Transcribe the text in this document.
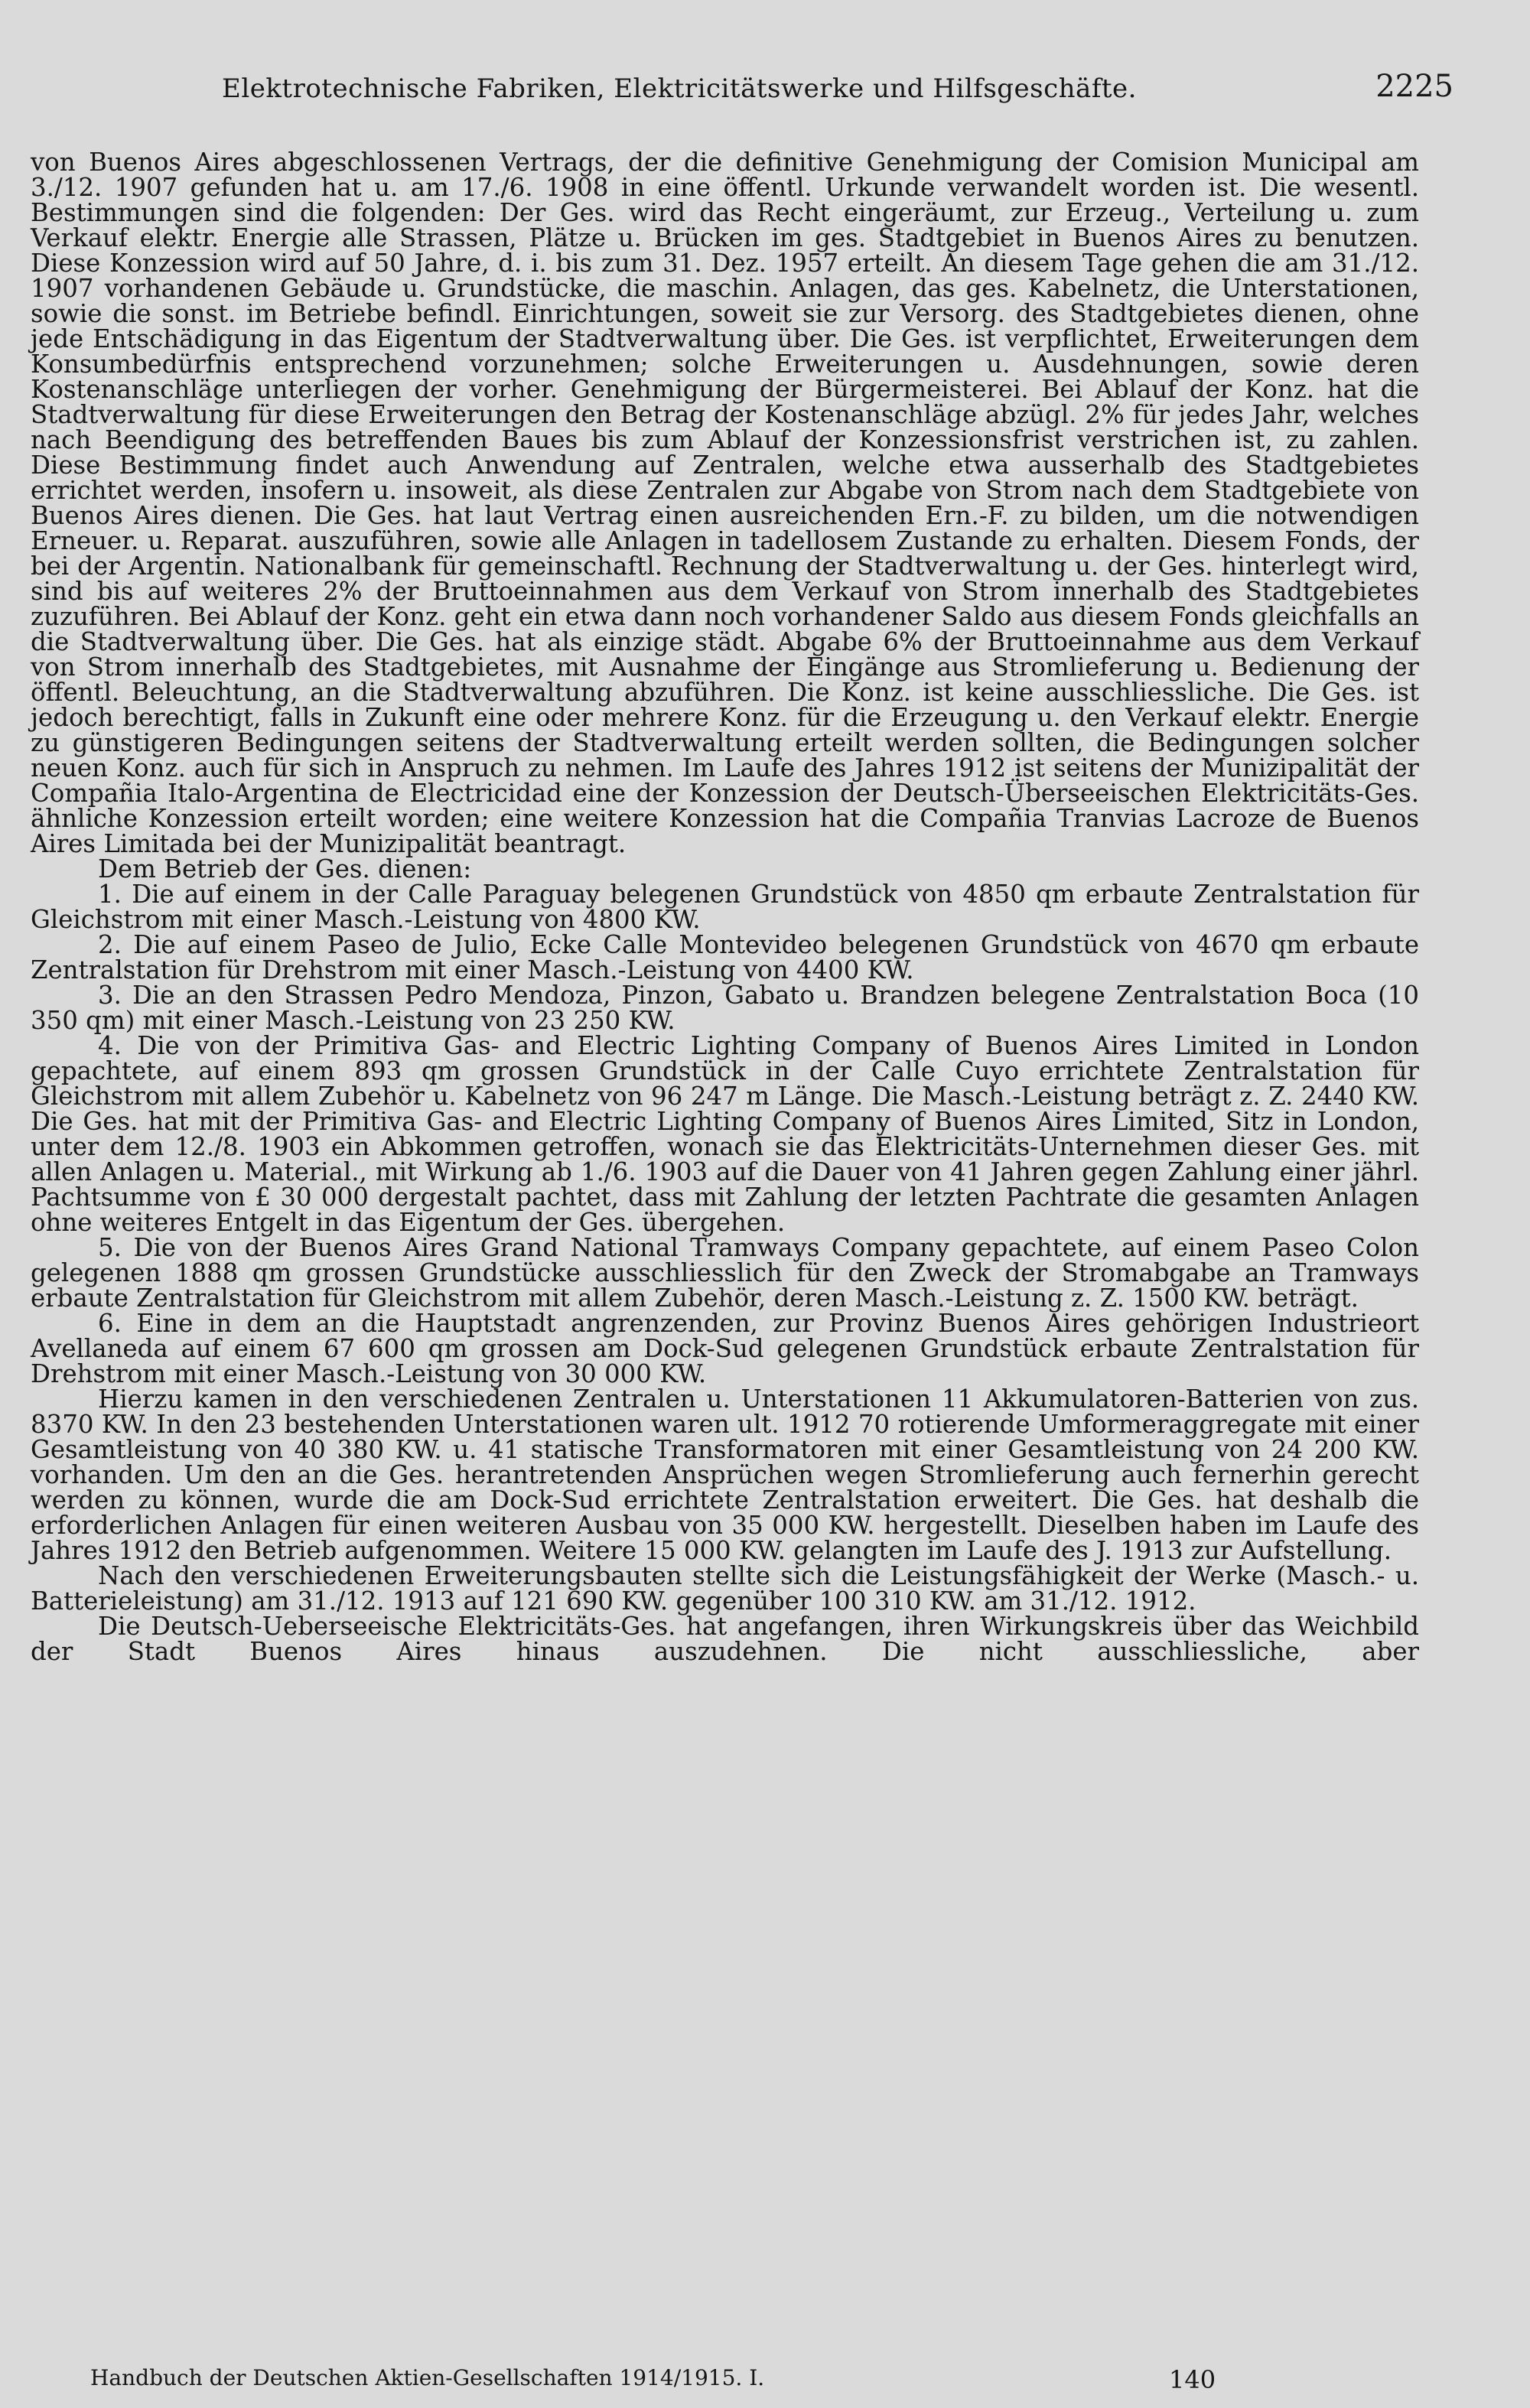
Elektrotechnische Fabriken, Elektricitätswerke und Hilfsgeschäfte.	2225

von Buenos Aires abgeschlossenen Vertrags, der die definitive Genehmigung der Comision Municipal am 3./12. 1907 gefunden hat u. am 17./6. 1908 in eine öffentl. Urkunde verwandelt worden ist. Die wesentl. Bestimmungen sind die folgenden: Der Ges. wird das Recht eingeräumt, zur Erzeug., Verteilung u. zum Verkauf elektr. Energie alle Strassen, Plätze u. Brücken im ges. Stadtgebiet in Buenos Aires zu benutzen. Diese Konzession wird auf 50 Jahre, d. i. bis zum 31. Dez. 1957 erteilt. An diesem Tage gehen die am 31./12. 1907 vorhandenen Gebäude u. Grundstücke, die maschin. Anlagen, das ges. Kabelnetz, die Unterstationen, sowie die sonst. im Betriebe befindl. Einrichtungen, soweit sie zur Versorg. des Stadtgebietes dienen, ohne jede Entschädigung in das Eigentum der Stadtverwaltung über. Die Ges. ist verpflichtet, Erweiterungen dem Konsumbedürfnis entsprechend vorzunehmen; solche Erweiterungen u. Ausdehnungen, sowie deren Kostenanschläge unterliegen der vorher. Genehmigung der Bürgermeisterei. Bei Ablauf der Konz. hat die Stadtverwaltung für diese Erweiterungen den Betrag der Kostenanschläge abzügl. 2% für jedes Jahr, welches nach Beendigung des betreffenden Baues bis zum Ablauf der Konzessionsfrist verstrichen ist, zu zahlen. Diese Bestimmung findet auch Anwendung auf Zentralen, welche etwa ausserhalb des Stadtgebietes errichtet werden, insofern u. insoweit, als diese Zentralen zur Abgabe von Strom nach dem Stadtgebiete von Buenos Aires dienen. Die Ges. hat laut Vertrag einen ausreichenden Ern.-F. zu bilden, um die notwendigen Erneuer. u. Reparat. auszuführen, sowie alle Anlagen in tadellosem Zustande zu erhalten. Diesem Fonds, der bei der Argentin. Nationalbank für gemeinschaftl. Rechnung der Stadtverwaltung u. der Ges. hinterlegt wird, sind bis auf weiteres 2% der Bruttoeinnahmen aus dem Verkauf von Strom innerhalb des Stadtgebietes zuzuführen. Bei Ablauf der Konz. geht ein etwa dann noch vorhandener Saldo aus diesem Fonds gleichfalls an die Stadtverwaltung über. Die Ges. hat als einzige städt. Abgabe 6% der Bruttoeinnahme aus dem Verkauf von Strom innerhalb des Stadtgebietes, mit Ausnahme der Eingänge aus Stromlieferung u. Bedienung der öffentl. Beleuchtung, an die Stadtverwaltung abzuführen. Die Konz. ist keine ausschliessliche. Die Ges. ist jedoch berechtigt, falls in Zukunft eine oder mehrere Konz. für die Erzeugung u. den Verkauf elektr. Energie zu günstigeren Bedingungen seitens der Stadtverwaltung erteilt werden sollten, die Bedingungen solcher neuen Konz. auch für sich in Anspruch zu nehmen. Im Laufe des Jahres 1912 ist seitens der Munizipalität der Compañia Italo-Argentina de Electricidad eine der Konzession der Deutsch-Überseeischen Elektricitäts-Ges. ähnliche Konzession erteilt worden; eine weitere Konzession hat die Compañia Tranvias Lacroze de Buenos Aires Limitada bei der Munizipalität beantragt.

Dem Betrieb der Ges. dienen:

1. Die auf einem in der Calle Paraguay belegenen Grundstück von 4850 qm erbaute Zentralstation für Gleichstrom mit einer Masch.-Leistung von 4800 KW.

2. Die auf einem Paseo de Julio, Ecke Calle Montevideo belegenen Grundstück von 4670 qm erbaute Zentralstation für Drehstrom mit einer Masch.-Leistung von 4400 KW.

3. Die an den Strassen Pedro Mendoza, Pinzon, Gabato u. Brandzen belegene Zentralstation Boca (10 350 qm) mit einer Masch.-Leistung von 23 250 KW.

4. Die von der Primitiva Gas- and Electric Lighting Company of Buenos Aires Limited in London gepachtete, auf einem 893 qm grossen Grundstück in der Calle Cuyo errichtete Zentralstation für Gleichstrom mit allem Zubehör u. Kabelnetz von 96 247 m Länge. Die Masch.-Leistung beträgt z. Z. 2440 KW. Die Ges. hat mit der Primitiva Gas- and Electric Lighting Company of Buenos Aires Limited, Sitz in London, unter dem 12./8. 1903 ein Abkommen getroffen, wonach sie das Elektricitäts-Unternehmen dieser Ges. mit allen Anlagen u. Material., mit Wirkung ab 1./6. 1903 auf die Dauer von 41 Jahren gegen Zahlung einer jährl. Pachtsumme von £ 30 000 dergestalt pachtet, dass mit Zahlung der letzten Pachtrate die gesamten Anlagen ohne weiteres Entgelt in das Eigentum der Ges. übergehen.

5. Die von der Buenos Aires Grand National Tramways Company gepachtete, auf einem Paseo Colon gelegenen 1888 qm grossen Grundstücke ausschliesslich für den Zweck der Stromabgabe an Tramways erbaute Zentralstation für Gleichstrom mit allem Zubehör, deren Masch.-Leistung z. Z. 1500 KW. beträgt.

6. Eine in dem an die Hauptstadt angrenzenden, zur Provinz Buenos Aires gehörigen Industrieort Avellaneda auf einem 67 600 qm grossen am Dock-Sud gelegenen Grundstück erbaute Zentralstation für Drehstrom mit einer Masch.-Leistung von 30 000 KW.

Hierzu kamen in den verschiedenen Zentralen u. Unterstationen 11 Akkumulatoren-Batterien von zus. 8370 KW. In den 23 bestehenden Unterstationen waren ult. 1912 70 rotierende Umformeraggregate mit einer Gesamtleistung von 40 380 KW. u. 41 statische Transformatoren mit einer Gesamtleistung von 24 200 KW. vorhanden. Um den an die Ges. herantretenden Ansprüchen wegen Stromlieferung auch fernerhin gerecht werden zu können, wurde die am Dock-Sud errichtete Zentralstation erweitert. Die Ges. hat deshalb die erforderlichen Anlagen für einen weiteren Ausbau von 35 000 KW. hergestellt. Dieselben haben im Laufe des Jahres 1912 den Betrieb aufgenommen. Weitere 15 000 KW. gelangten im Laufe des J. 1913 zur Aufstellung.

Nach den verschiedenen Erweiterungsbauten stellte sich die Leistungsfähigkeit der Werke (Masch.- u. Batterieleistung) am 31./12. 1913 auf 121 690 KW. gegenüber 100 310 KW. am 31./12. 1912.

Die Deutsch-Ueberseeische Elektricitäts-Ges. hat angefangen, ihren Wirkungskreis über das Weichbild der Stadt Buenos Aires hinaus auszudehnen. Die nicht ausschliessliche, aber

Handbuch der Deutschen Aktien-Gesellschaften 1914/1915. I.	140
